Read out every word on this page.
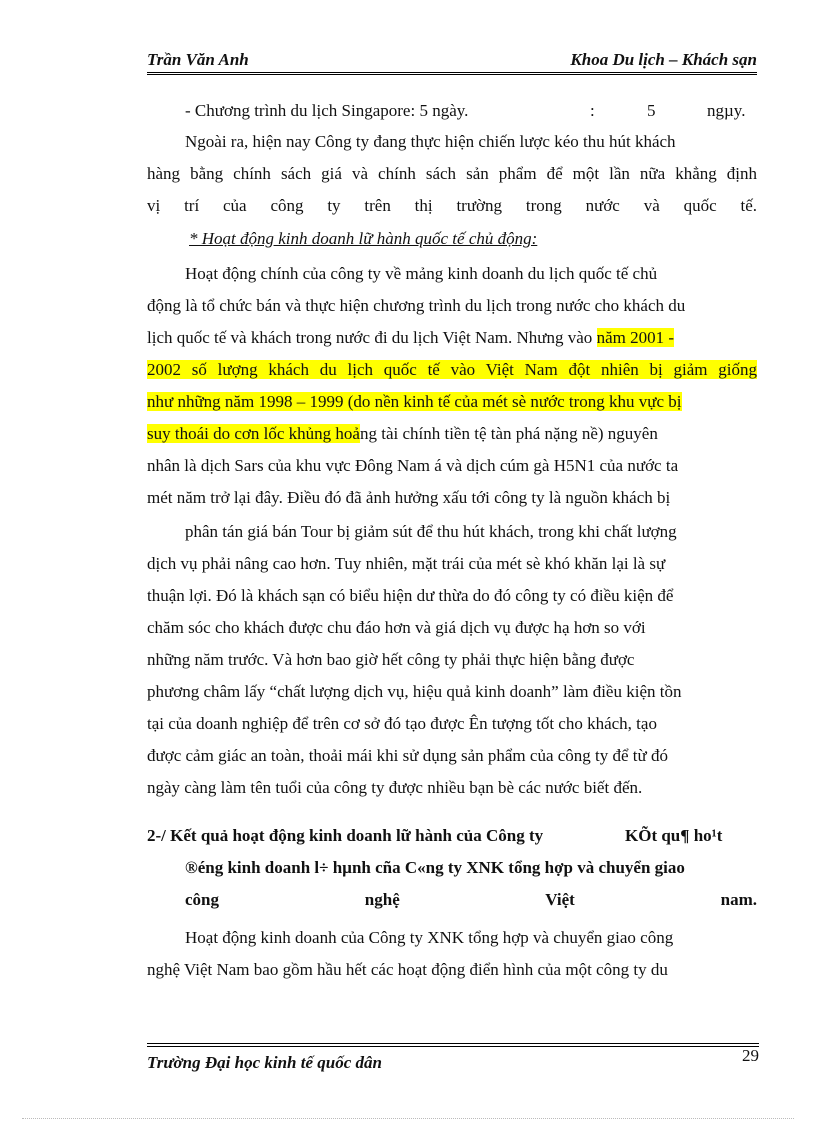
Trần Văn Anh	Khoa Du lịch – Khách sạn
- Chương trình du lịch Singapore: 5 ngày.	:	5	ngµy.
Ngoài ra, hiện nay Công ty đang thực hiện chiến lược kéo thu hút khách
hàng bằng chính sách giá và chính sách sản phẩm để một lần nữa khẳng định
vị trí của công ty trên thị trường trong nước và quốc tế.
* Hoạt động kinh doanh lữ hành quốc tế chủ động:
Hoạt động chính của công ty về mảng kinh doanh du lịch quốc tế chủ
động là tổ chức bán và thực hiện chương trình du lịch trong nước cho khách du
lịch quốc tế và khách trong nước đi du lịch Việt Nam. Nhưng vào năm 2001 -
2002 số lượng khách du lịch quốc tế vào Việt Nam đột nhiên bị giảm giống
như những năm 1998 – 1999 (do nền kinh tế của mét sè nước trong khu vực bị
suy thoái do cơn lốc khủng hoảng tài chính tiền tệ tàn phá nặng nề) nguyên
nhân là dịch Sars của khu vực Đông Nam á và dịch cúm gà H5N1 của nước ta
mét năm trở lại đây. Điều đó đã ảnh hưởng xấu tới công ty là nguồn khách bị
phân tán giá bán Tour bị giảm sút để thu hút khách, trong khi chất lượng
dịch vụ phải nâng cao hơn. Tuy nhiên, mặt trái của mét sè khó khăn lại là sự
thuận lợi. Đó là khách sạn có biểu hiện dư thừa do đó công ty có điều kiện để
chăm sóc cho khách được chu đáo hơn và giá dịch vụ được hạ hơn so với
những năm trước. Và hơn bao giờ hết công ty phải thực hiện bằng được
phương châm lấy “chất lượng dịch vụ, hiệu quả kinh doanh” làm điều kiện tồn
tại của doanh nghiệp để trên cơ sở đó tạo được Ên tượng tốt cho khách, tạo
được cảm giác an toàn, thoải mái khi sử dụng sản phẩm của công ty để từ đó
ngày càng làm tên tuổi của công ty được nhiều bạn bè các nước biết đến.
2-/ Kết quả hoạt động kinh doanh lữ hành của Công ty	KÕt qu¶ ho¹t
®éng kinh doanh l÷ hµnh cña C«ng ty XNK tổng hợp và chuyển giao
công nghệ Việt nam.
Hoạt động kinh doanh của Công ty XNK tổng hợp và chuyển giao công
nghệ Việt Nam bao gồm hầu hết các hoạt động điển hình của một công ty du
Trường Đại học kinh tế quốc dân	29
